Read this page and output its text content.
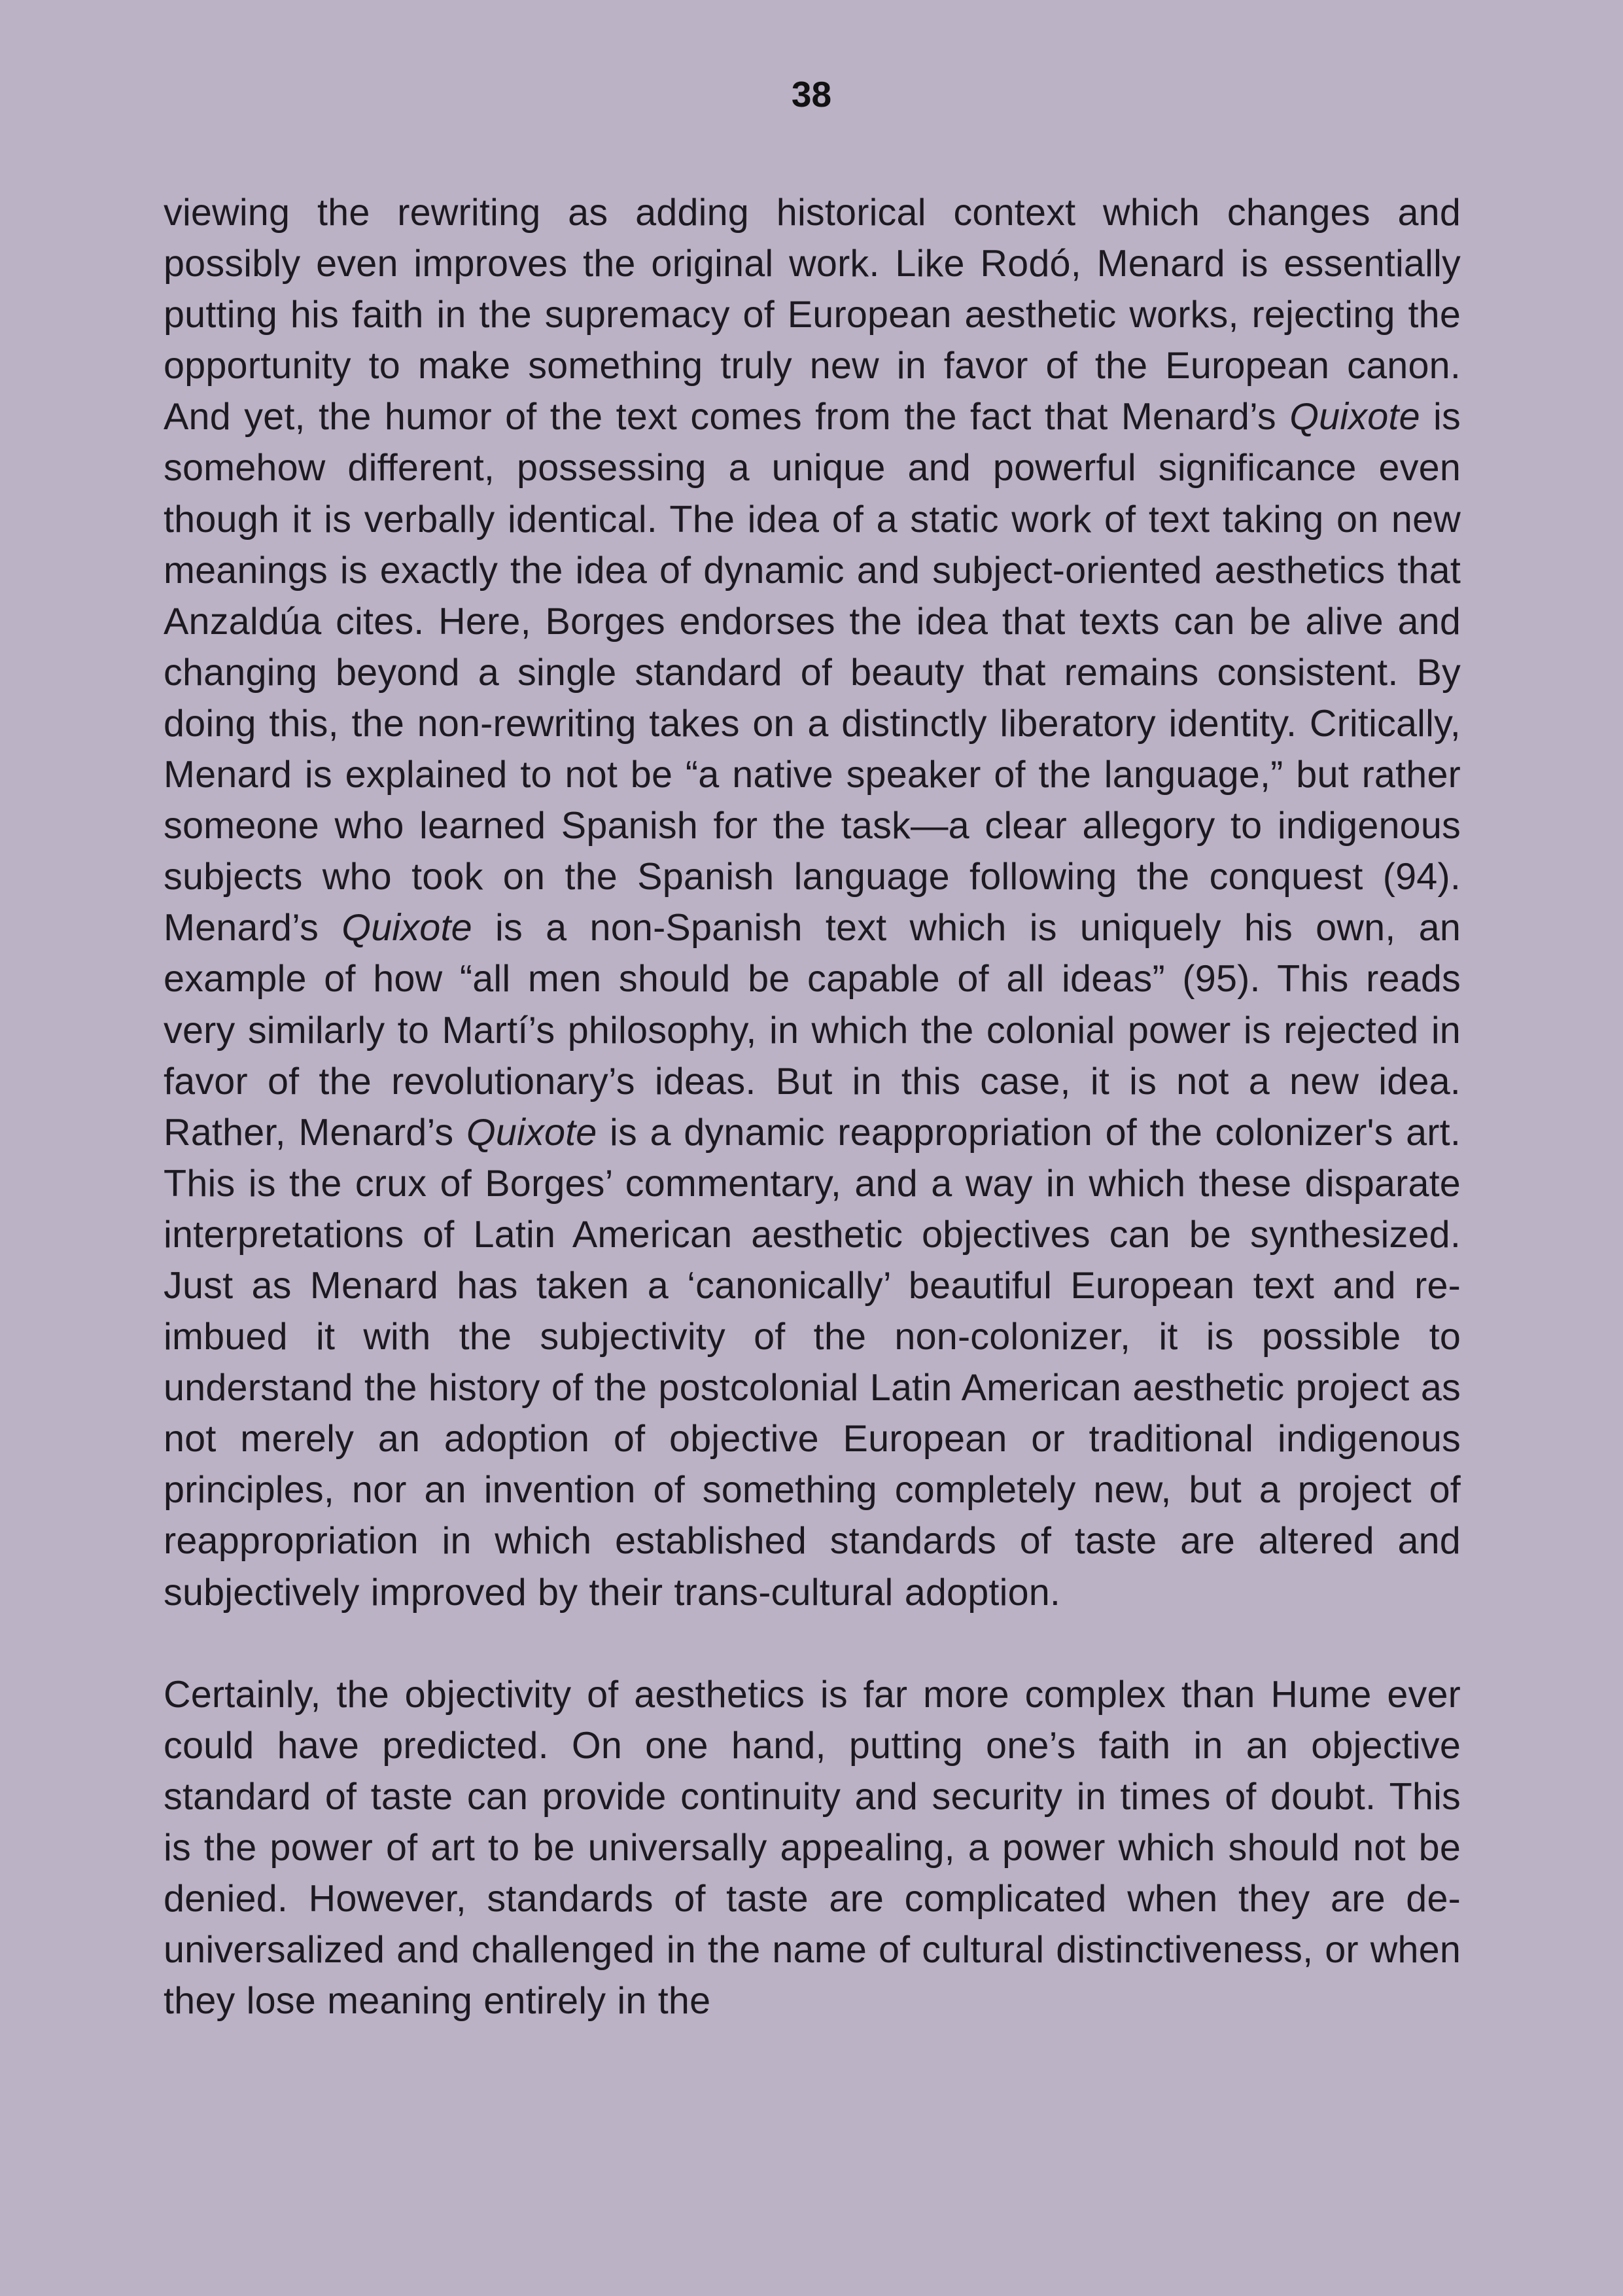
38

viewing the rewriting as adding historical context which changes and possibly even improves the original work. Like Rodó, Menard is essentially putting his faith in the supremacy of European aesthetic works, rejecting the opportunity to make something truly new in favor of the European canon. And yet, the humor of the text comes from the fact that Menard’s Quixote is somehow different, possessing a unique and powerful significance even though it is verbally identical. The idea of a static work of text taking on new meanings is exactly the idea of dynamic and subject-oriented aesthetics that Anzaldúa cites. Here, Borges endorses the idea that texts can be alive and changing beyond a single standard of beauty that remains consistent. By doing this, the non-rewriting takes on a distinctly liberatory identity. Critically, Menard is explained to not be “a native speaker of the language,” but rather someone who learned Spanish for the task—a clear allegory to indigenous subjects who took on the Spanish language following the conquest (94). Menard’s Quixote is a non-Spanish text which is uniquely his own, an example of how “all men should be capable of all ideas” (95). This reads very similarly to Martí’s philosophy, in which the colonial power is rejected in favor of the revolutionary’s ideas. But in this case, it is not a new idea. Rather, Menard’s Quixote is a dynamic reappropriation of the colonizer's art. This is the crux of Borges’ commentary, and a way in which these disparate interpretations of Latin American aesthetic objectives can be synthesized. Just as Menard has taken a ‘canonically’ beautiful European text and re-imbued it with the subjectivity of the non-colonizer, it is possible to understand the history of the postcolonial Latin American aesthetic project as not merely an adoption of objective European or traditional indigenous principles, nor an invention of something completely new, but a project of reappropriation in which established standards of taste are altered and subjectively improved by their trans-cultural adoption.

Certainly, the objectivity of aesthetics is far more complex than Hume ever could have predicted. On one hand, putting one’s faith in an objective standard of taste can provide continuity and security in times of doubt. This is the power of art to be universally appealing, a power which should not be denied. However, standards of taste are complicated when they are de-universalized and challenged in the name of cultural distinctiveness, or when they lose meaning entirely in the
